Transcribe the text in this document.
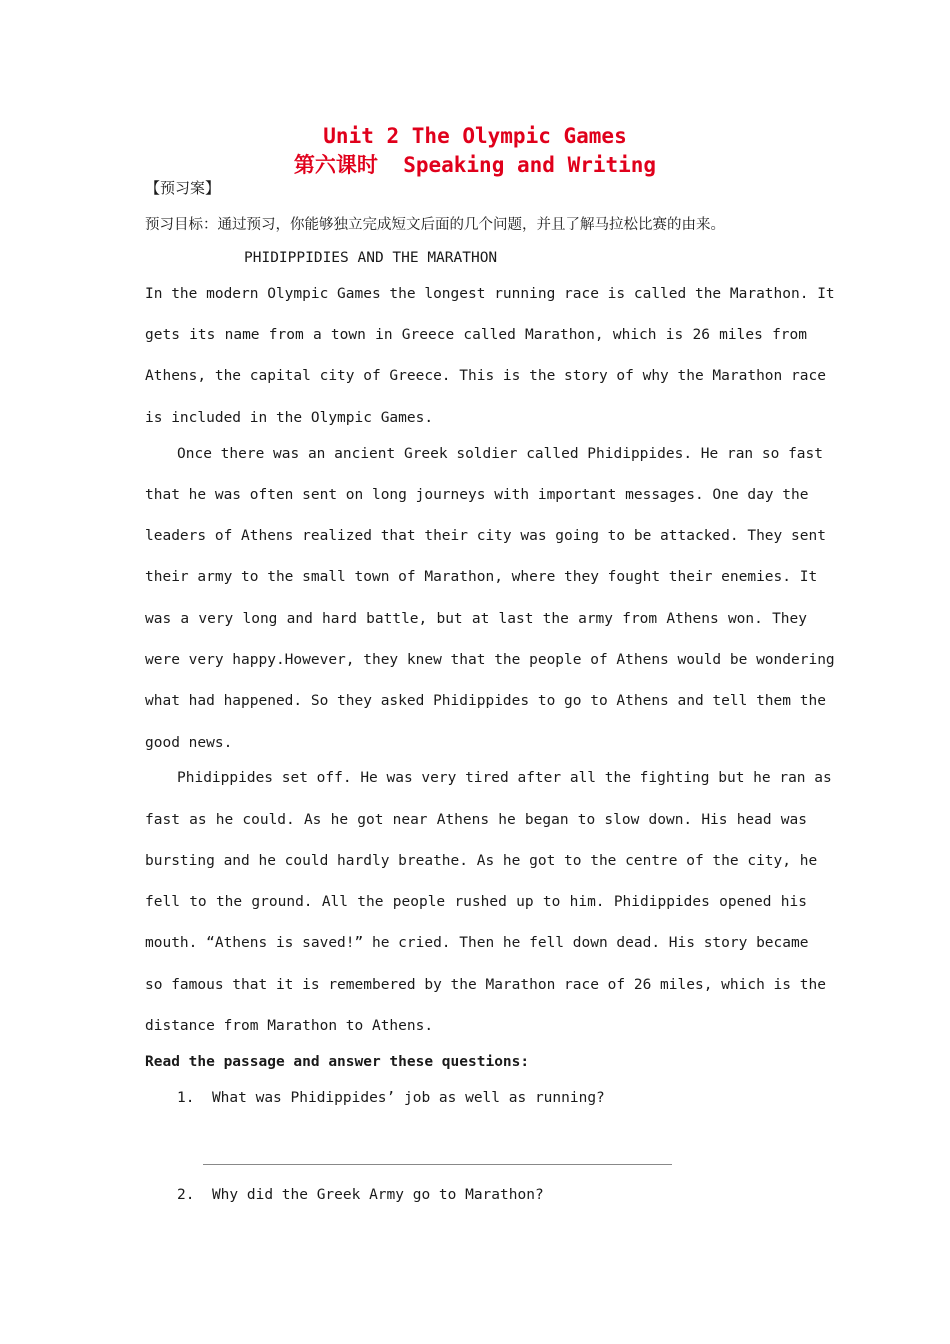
Unit 2 The Olympic Games
第六课时 Speaking and Writing
【预习案】
预习目标：通过预习，你能够独立完成短文后面的几个问题，并且了解马拉松比赛的由来。
PHIDIPPIDIES AND THE MARATHON
In the modern Olympic Games the longest running race is called the Marathon. It
gets its name from a town in Greece called Marathon, which is 26 miles from
Athens, the capital city of Greece. This is the story of why the Marathon race
is included in the Olympic Games.
Once there was an ancient Greek soldier called Phidippides. He ran so fast
that he was often sent on long journeys with important messages. One day the
leaders of Athens realized that their city was going to be attacked. They sent
their army to the small town of Marathon, where they fought their enemies. It
was a very long and hard battle, but at last the army from Athens won. They
were very happy.However, they knew that the people of Athens would be wondering
what had happened. So they asked Phidippides to go to Athens and tell them the
good news.
Phidippides set off. He was very tired after all the fighting but he ran as
fast as he could. As he got near Athens he began to slow down. His head was
bursting and he could hardly breathe. As he got to the centre of the city, he
fell to the ground. All the people rushed up to him. Phidippides opened his
mouth. “Athens is saved!” he cried. Then he fell down dead. His story became
so famous that it is remembered by the Marathon race of 26 miles, which is the
distance from Marathon to Athens.
Read the passage and answer these questions:
1. What was Phidippides’ job as well as running?
2. Why did the Greek Army go to Marathon?
